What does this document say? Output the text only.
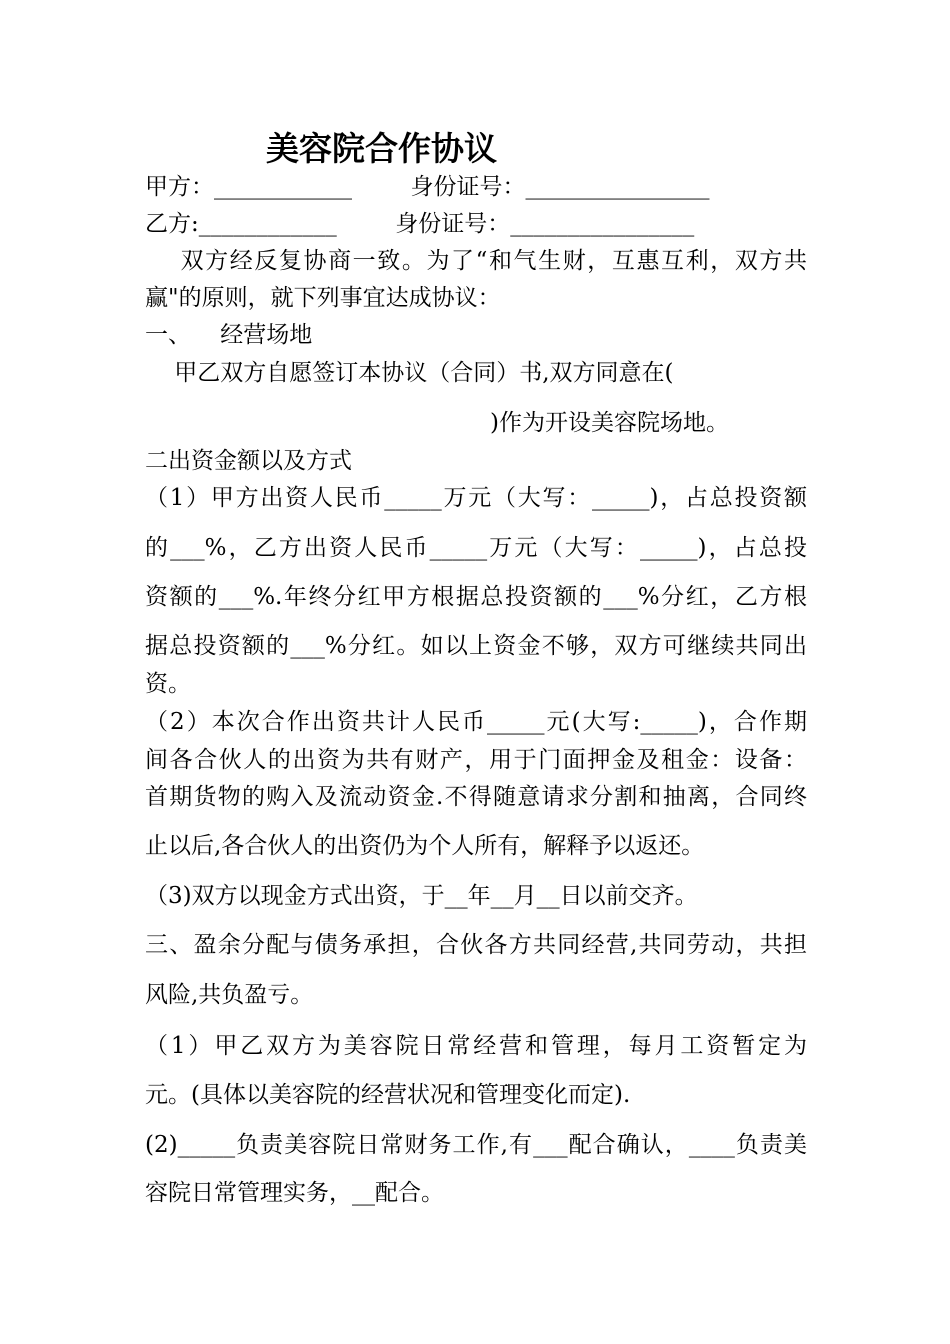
美容院合作协议
甲方：____________        身份证号：________________
乙方:____________        身份证号：________________
双方经反复协商一致。为了“和气生财，互惠互利，双方共
赢"的原则，就下列事宜达成协议：
一、    经营场地
甲乙双方自愿签订本协议（合同）书,双方同意在(
)作为开设美容院场地。
二出资金额以及方式
（1）甲方出资人民币_____万元（大写：_____)，占总投资额
的___%，乙方出资人民币_____万元（大写：_____)，占总投
资额的___%.年终分红甲方根据总投资额的___%分红，乙方根
据总投资额的___%分红。如以上资金不够，双方可继续共同出
资。
（2）本次合作出资共计人民币_____元(大写:_____)，合作期
间各合伙人的出资为共有财产，用于门面押金及租金：设备：
首期货物的购入及流动资金.不得随意请求分割和抽离，合同终
止以后,各合伙人的出资仍为个人所有，解释予以返还。
（3)双方以现金方式出资，于__年__月__日以前交齐。
三、盈余分配与债务承担，合伙各方共同经营,共同劳动，共担
风险,共负盈亏。
（1）甲乙双方为美容院日常经营和管理，每月工资暂定为
元。(具体以美容院的经营状况和管理变化而定).
(2)_____负责美容院日常财务工作,有___配合确认，____负责美
容院日常管理实务，__配合。
